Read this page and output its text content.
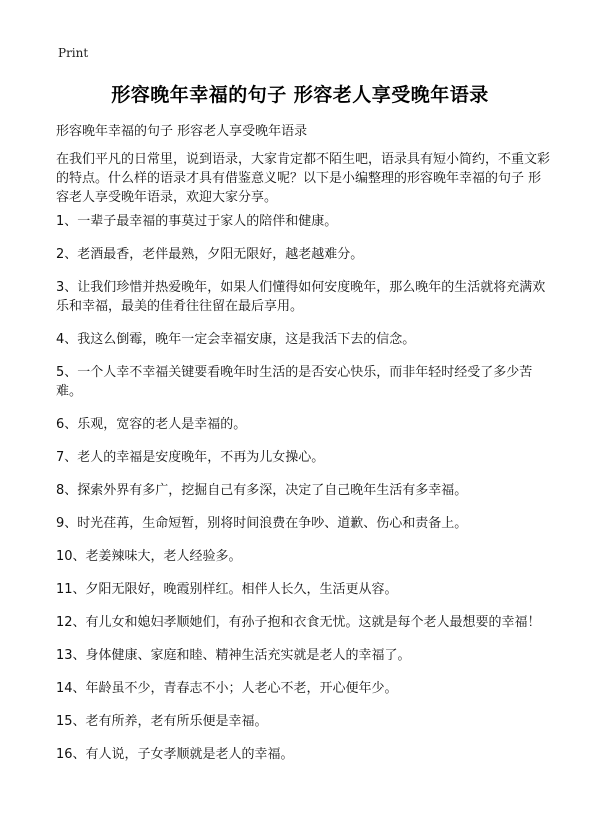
Print
形容晚年幸福的句子 形容老人享受晚年语录

形容晚年幸福的句子 形容老人享受晚年语录

在我们平凡的日常里，说到语录，大家肯定都不陌生吧，语录具有短小简约，不重文彩的特点。什么样的语录才具有借鉴意义呢？以下是小编整理的形容晚年幸福的句子 形容老人享受晚年语录，欢迎大家分享。

1、一辈子最幸福的事莫过于家人的陪伴和健康。
2、老酒最香，老伴最熟，夕阳无限好，越老越难分。
3、让我们珍惜并热爱晚年，如果人们懂得如何安度晚年，那么晚年的生活就将充满欢乐和幸福，最美的佳肴往往留在最后享用。
4、我这么倒霉，晚年一定会幸福安康，这是我活下去的信念。
5、一个人幸不幸福关键要看晚年时生活的是否安心快乐，而非年轻时经受了多少苦难。
6、乐观，宽容的老人是幸福的。
7、老人的幸福是安度晚年，不再为儿女操心。
8、探索外界有多广，挖掘自己有多深，决定了自己晚年生活有多幸福。
9、时光荏苒，生命短暂，别将时间浪费在争吵、道歉、伤心和责备上。
10、老姜辣味大，老人经验多。
11、夕阳无限好，晚霞别样红。相伴人长久，生活更从容。
12、有儿女和媳妇孝顺她们，有孙子抱和衣食无忧。这就是每个老人最想要的幸福！
13、身体健康、家庭和睦、精神生活充实就是老人的幸福了。
14、年龄虽不少，青春志不小；人老心不老，开心便年少。
15、老有所养，老有所乐便是幸福。
16、有人说，子女孝顺就是老人的幸福。
